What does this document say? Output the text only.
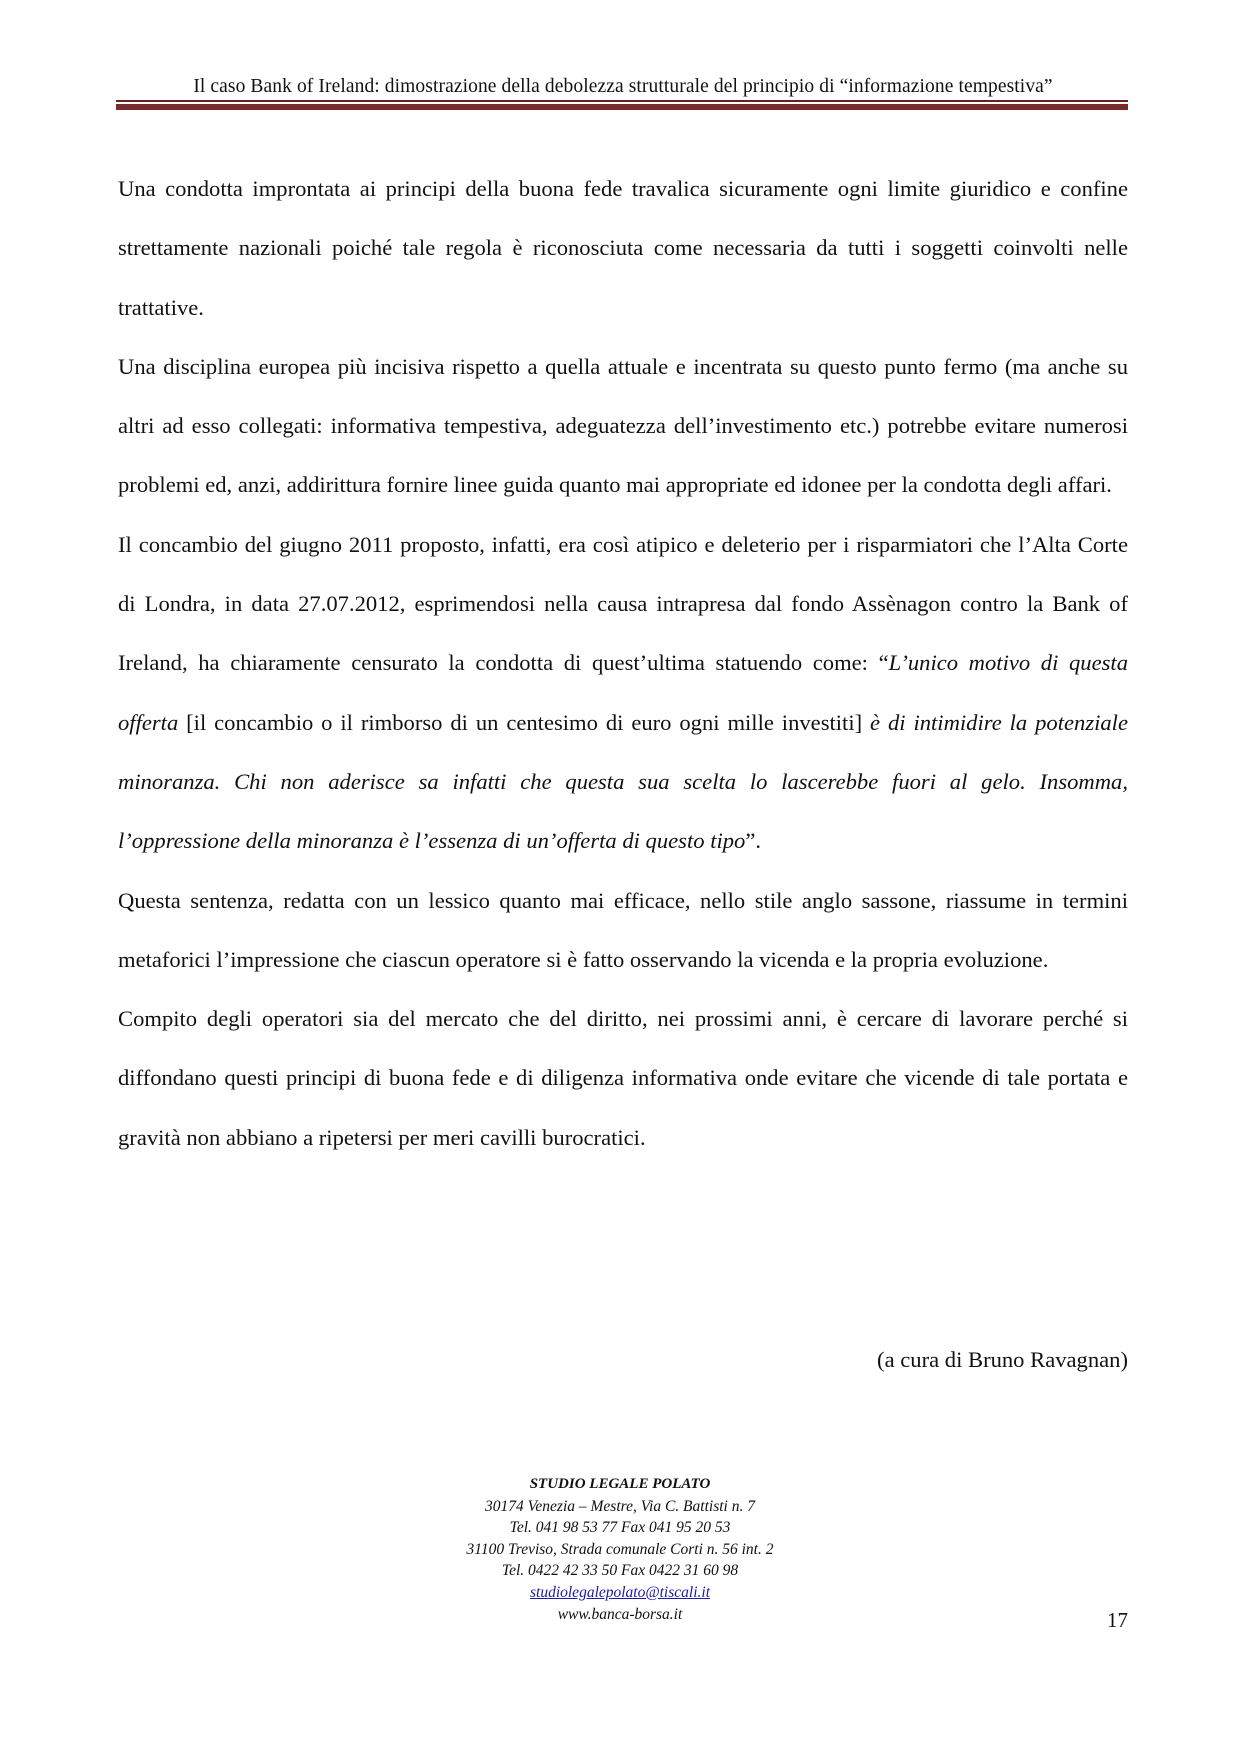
Il caso Bank of Ireland: dimostrazione della debolezza strutturale del principio di “informazione tempestiva”

Una condotta improntata ai principi della buona fede travalica sicuramente ogni limite giuridico e confine strettamente nazionali poiché tale regola è riconosciuta come necessaria da tutti i soggetti coinvolti nelle trattative.

Una disciplina europea più incisiva rispetto a quella attuale e incentrata su questo punto fermo (ma anche su altri ad esso collegati: informativa tempestiva, adeguatezza dell’investimento etc.) potrebbe evitare numerosi problemi ed, anzi, addirittura fornire linee guida quanto mai appropriate ed idonee per la condotta degli affari.

Il concambio del giugno 2011 proposto, infatti, era così atipico e deleterio per i risparmiatori che l’Alta Corte di Londra, in data 27.07.2012, esprimendosi nella causa intrapresa dal fondo Assènagon contro la Bank of Ireland, ha chiaramente censurato la condotta di quest’ultima statuendo come: “L’unico motivo di questa offerta [il concambio o il rimborso di un centesimo di euro ogni mille investiti] è di intimidire la potenziale minoranza. Chi non aderisce sa infatti che questa sua scelta lo lascerebbe fuori al gelo. Insomma, l’oppressione della minoranza è l’essenza di un’offerta di questo tipo”.

Questa sentenza, redatta con un lessico quanto mai efficace, nello stile anglo sassone, riassume in termini metaforici l’impressione che ciascun operatore si è fatto osservando la vicenda e la propria evoluzione.

Compito degli operatori sia del mercato che del diritto, nei prossimi anni, è cercare di lavorare perché si diffondano questi principi di buona fede e di diligenza informativa onde evitare che vicende di tale portata e gravità non abbiano a ripetersi per meri cavilli burocratici.

(a cura di Bruno Ravagnan)
STUDIO LEGALE POLATO
30174 Venezia – Mestre, Via C. Battisti n. 7
Tel. 041 98 53 77 Fax 041 95 20 53
31100 Treviso, Strada comunale Corti n. 56 int. 2
Tel. 0422 42 33 50 Fax 0422 31 60 98
studiolegalepolato@tiscali.it
www.banca-borsa.it	17
